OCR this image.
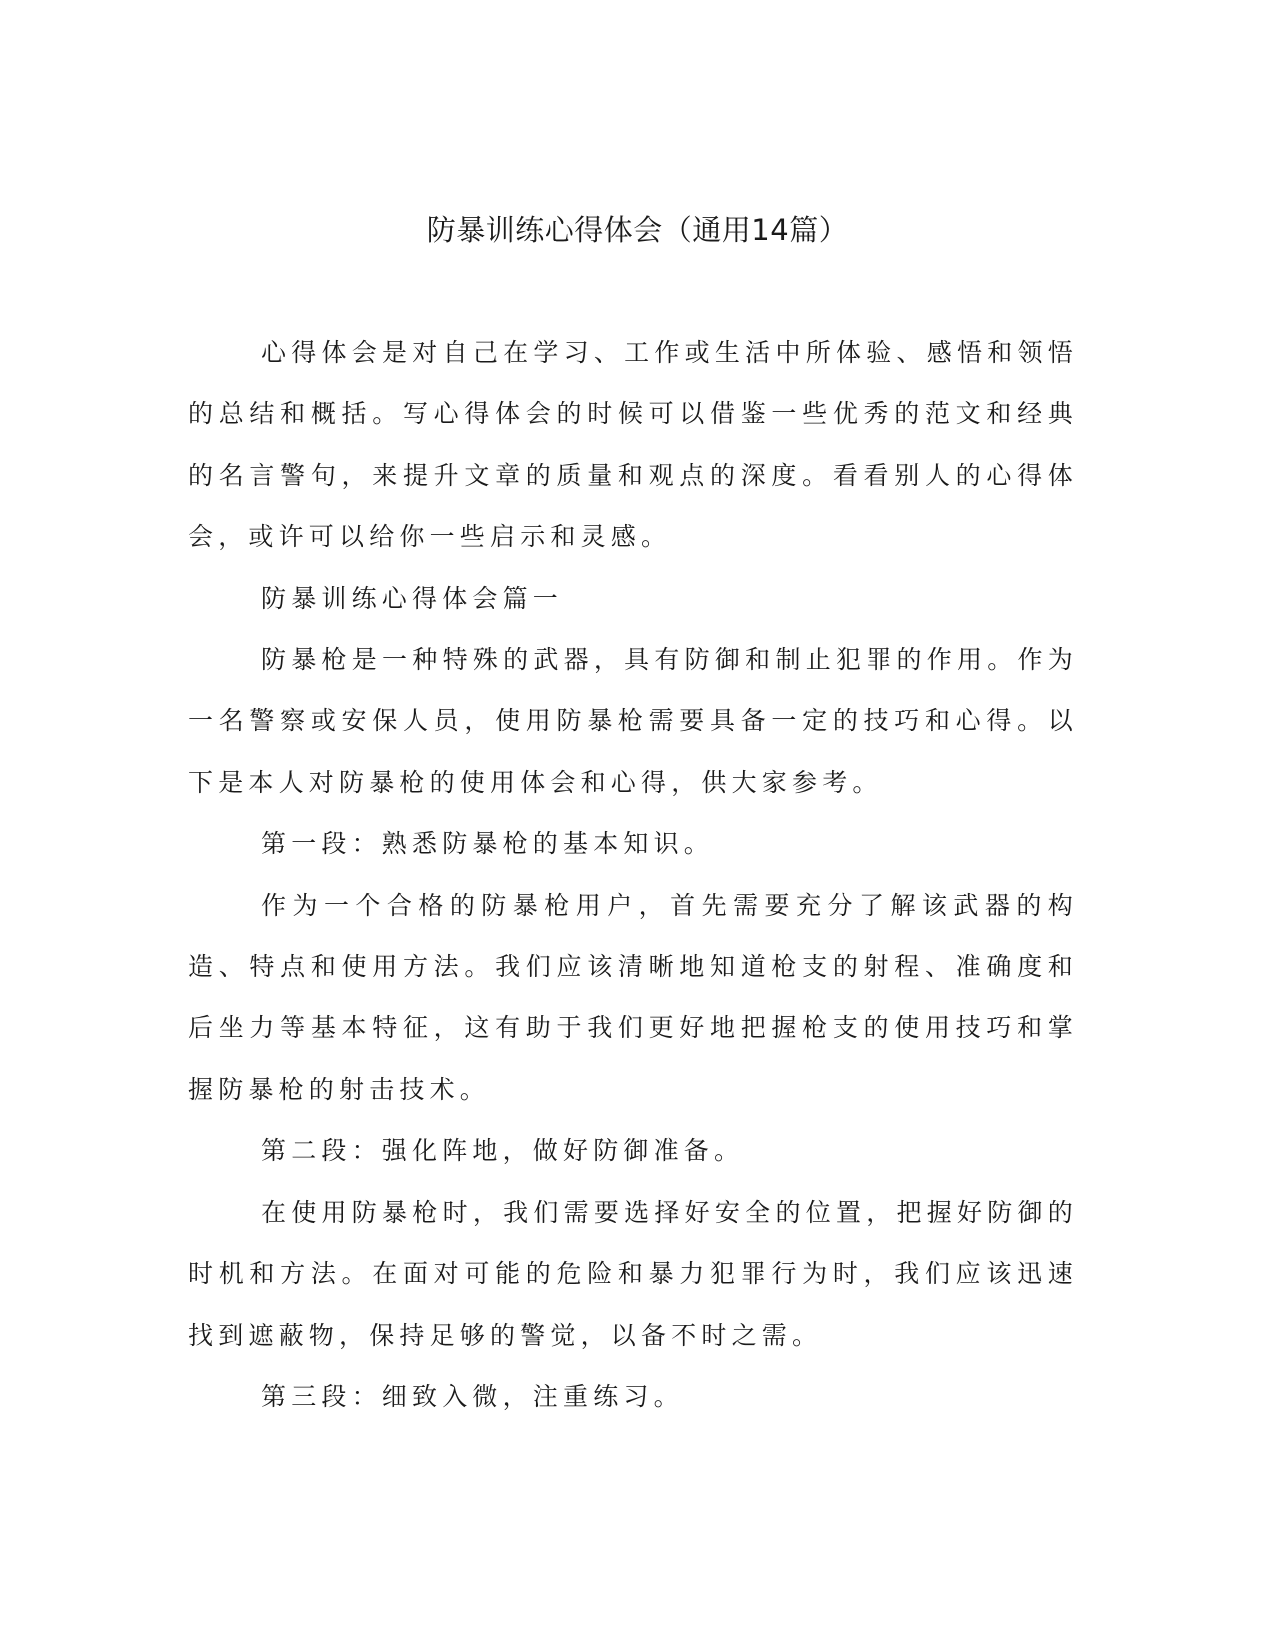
防暴训练心得体会（通用14篇）

心得体会是对自己在学习、工作或生活中所体验、感悟和领悟的总结和概括。写心得体会的时候可以借鉴一些优秀的范文和经典的名言警句，来提升文章的质量和观点的深度。看看别人的心得体会，或许可以给你一些启示和灵感。

防暴训练心得体会篇一

防暴枪是一种特殊的武器，具有防御和制止犯罪的作用。作为一名警察或安保人员，使用防暴枪需要具备一定的技巧和心得。以下是本人对防暴枪的使用体会和心得，供大家参考。

第一段：熟悉防暴枪的基本知识。

作为一个合格的防暴枪用户，首先需要充分了解该武器的构造、特点和使用方法。我们应该清晰地知道枪支的射程、准确度和后坐力等基本特征，这有助于我们更好地把握枪支的使用技巧和掌握防暴枪的射击技术。

第二段：强化阵地，做好防御准备。

在使用防暴枪时，我们需要选择好安全的位置，把握好防御的时机和方法。在面对可能的危险和暴力犯罪行为时，我们应该迅速找到遮蔽物，保持足够的警觉，以备不时之需。

第三段：细致入微，注重练习。
